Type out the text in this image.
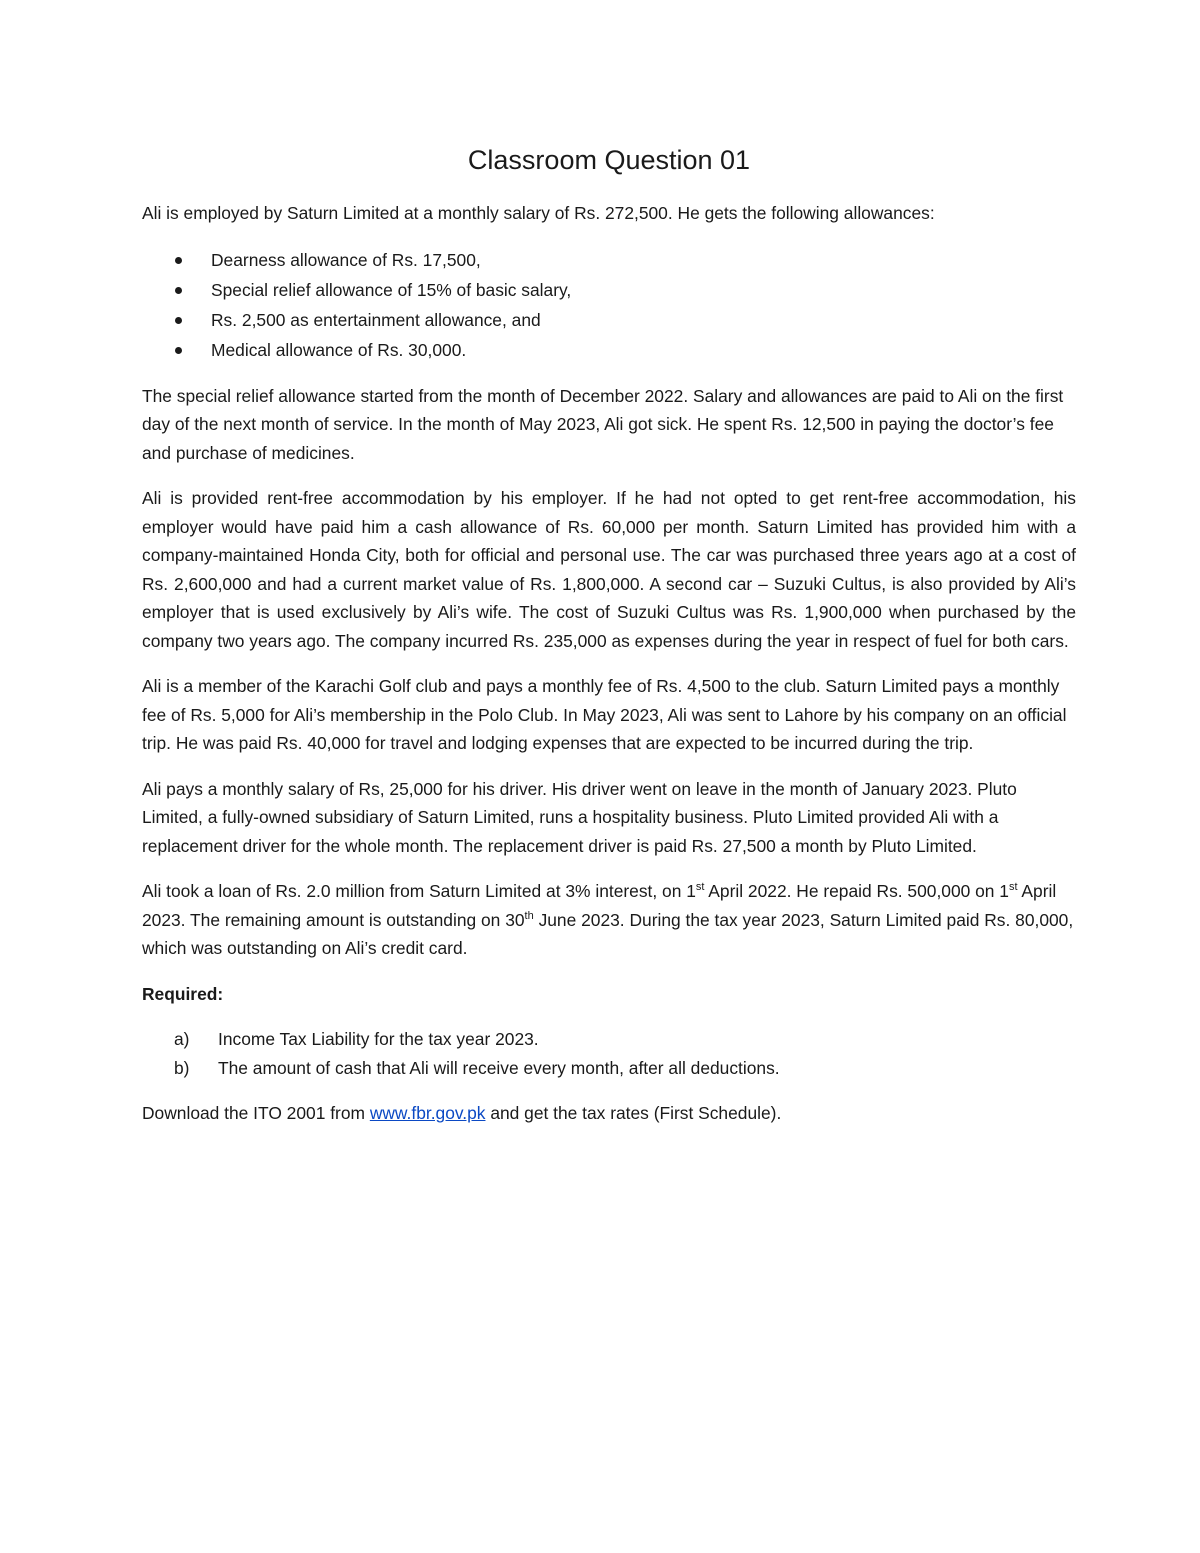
Classroom Question 01

Ali is employed by Saturn Limited at a monthly salary of Rs. 272,500. He gets the following allowances:

Dearness allowance of Rs. 17,500,
Special relief allowance of 15% of basic salary,
Rs. 2,500 as entertainment allowance, and
Medical allowance of Rs. 30,000.

The special relief allowance started from the month of December 2022. Salary and allowances are paid to Ali on the first day of the next month of service. In the month of May 2023, Ali got sick. He spent Rs. 12,500 in paying the doctor’s fee and purchase of medicines.

Ali is provided rent-free accommodation by his employer. If he had not opted to get rent-free accommodation, his employer would have paid him a cash allowance of Rs. 60,000 per month. Saturn Limited has provided him with a company-maintained Honda City, both for official and personal use. The car was purchased three years ago at a cost of Rs. 2,600,000 and had a current market value of Rs. 1,800,000. A second car – Suzuki Cultus, is also provided by Ali’s employer that is used exclusively by Ali’s wife. The cost of Suzuki Cultus was Rs. 1,900,000 when purchased by the company two years ago. The company incurred Rs. 235,000 as expenses during the year in respect of fuel for both cars.

Ali is a member of the Karachi Golf club and pays a monthly fee of Rs. 4,500 to the club. Saturn Limited pays a monthly fee of Rs. 5,000 for Ali’s membership in the Polo Club. In May 2023, Ali was sent to Lahore by his company on an official trip. He was paid Rs. 40,000 for travel and lodging expenses that are expected to be incurred during the trip.

Ali pays a monthly salary of Rs, 25,000 for his driver. His driver went on leave in the month of January 2023. Pluto Limited, a fully-owned subsidiary of Saturn Limited, runs a hospitality business. Pluto Limited provided Ali with a replacement driver for the whole month. The replacement driver is paid Rs. 27,500 a month by Pluto Limited.

Ali took a loan of Rs. 2.0 million from Saturn Limited at 3% interest, on 1st April 2022. He repaid Rs. 500,000 on 1st April 2023. The remaining amount is outstanding on 30th June 2023. During the tax year 2023, Saturn Limited paid Rs. 80,000, which was outstanding on Ali’s credit card.

Required:

a) Income Tax Liability for the tax year 2023.
b) The amount of cash that Ali will receive every month, after all deductions.

Download the ITO 2001 from www.fbr.gov.pk and get the tax rates (First Schedule).
